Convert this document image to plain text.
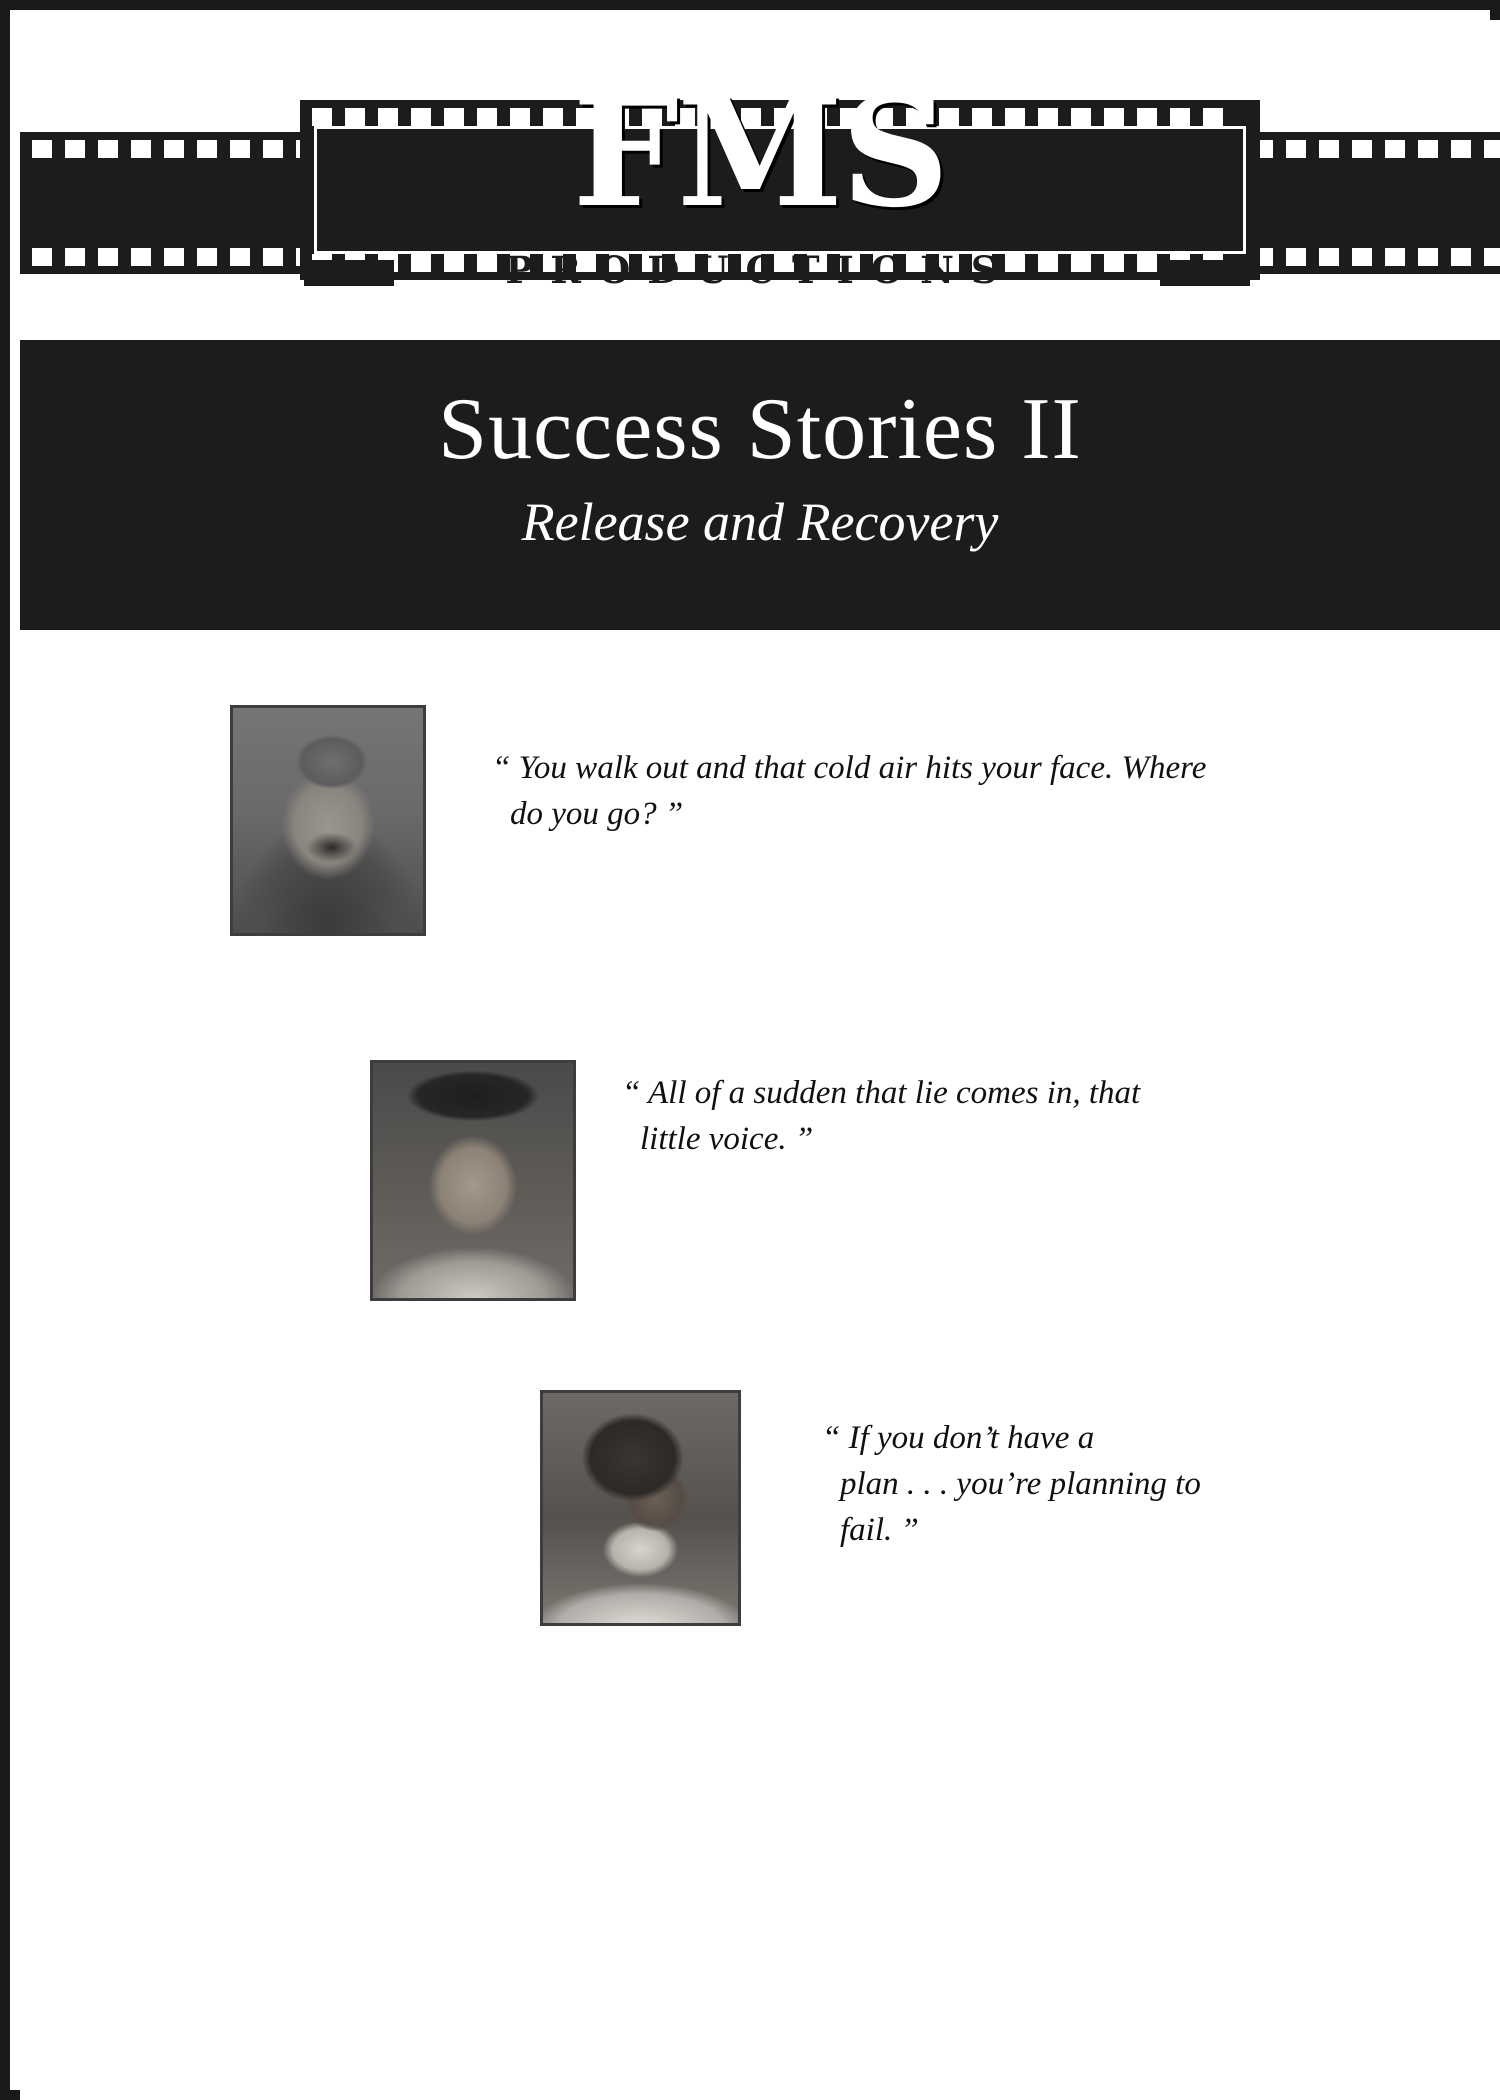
FMS
PRODUCTIONS
Success Stories II
Release and Recovery
“ You walk out and that cold air hits your face. Where
do you go? ”
“ All of a sudden that lie comes in, that
little voice. ”
“ If you don’t have a
plan . . . you’re planning to
fail. ”
